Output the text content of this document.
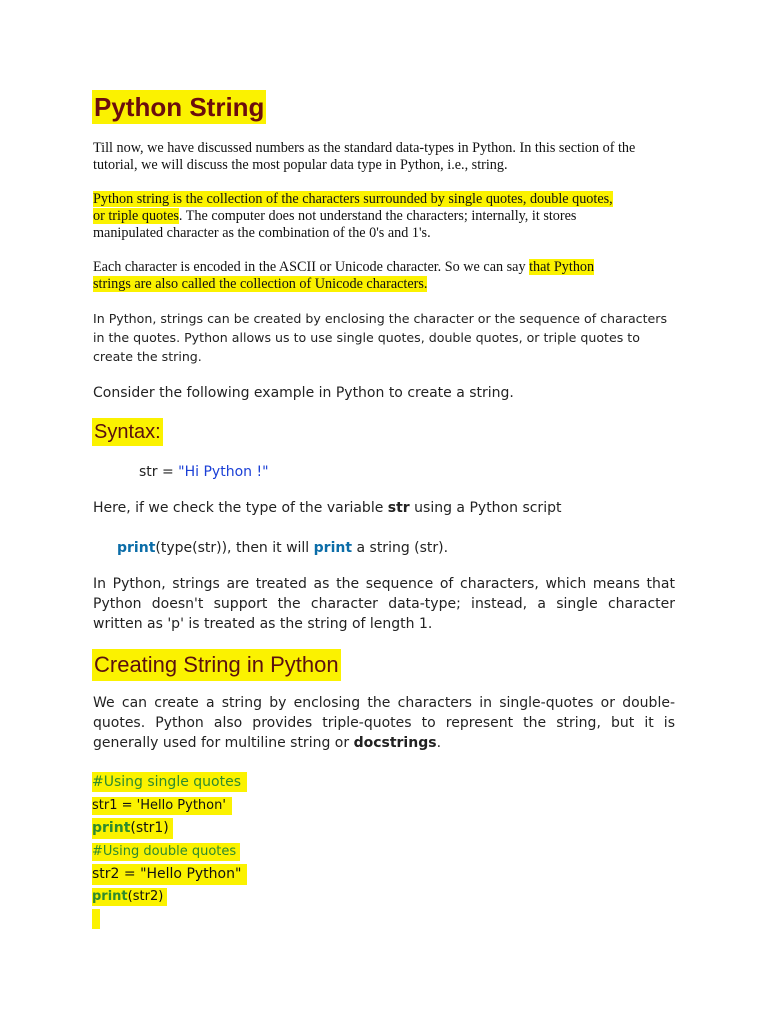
Python String
Till now, we have discussed numbers as the standard data-types in Python. In this section of the tutorial, we will discuss the most popular data type in Python, i.e., string.
Python string is the collection of the characters surrounded by single quotes, double quotes,
or triple quotes. The computer does not understand the characters; internally, it stores
manipulated character as the combination of the 0's and 1's.
Each character is encoded in the ASCII or Unicode character. So we can say that Python
strings are also called the collection of Unicode characters.
In Python, strings can be created by enclosing the character or the sequence of characters in the quotes. Python allows us to use single quotes, double quotes, or triple quotes to create the string.
Consider the following example in Python to create a string.
Syntax:
str = "Hi Python !"
Here, if we check the type of the variable str using a Python script
print(type(str)), then it will print a string (str).
In Python, strings are treated as the sequence of characters, which means that Python doesn't support the character data-type; instead, a single character written as 'p' is treated as the string of length 1.
Creating String in Python
We can create a string by enclosing the characters in single-quotes or double-quotes. Python also provides triple-quotes to represent the string, but it is generally used for multiline string or docstrings.
#Using single quotes
str1 = 'Hello Python'
print(str1)
#Using double quotes
str2 = "Hello Python"
print(str2)
